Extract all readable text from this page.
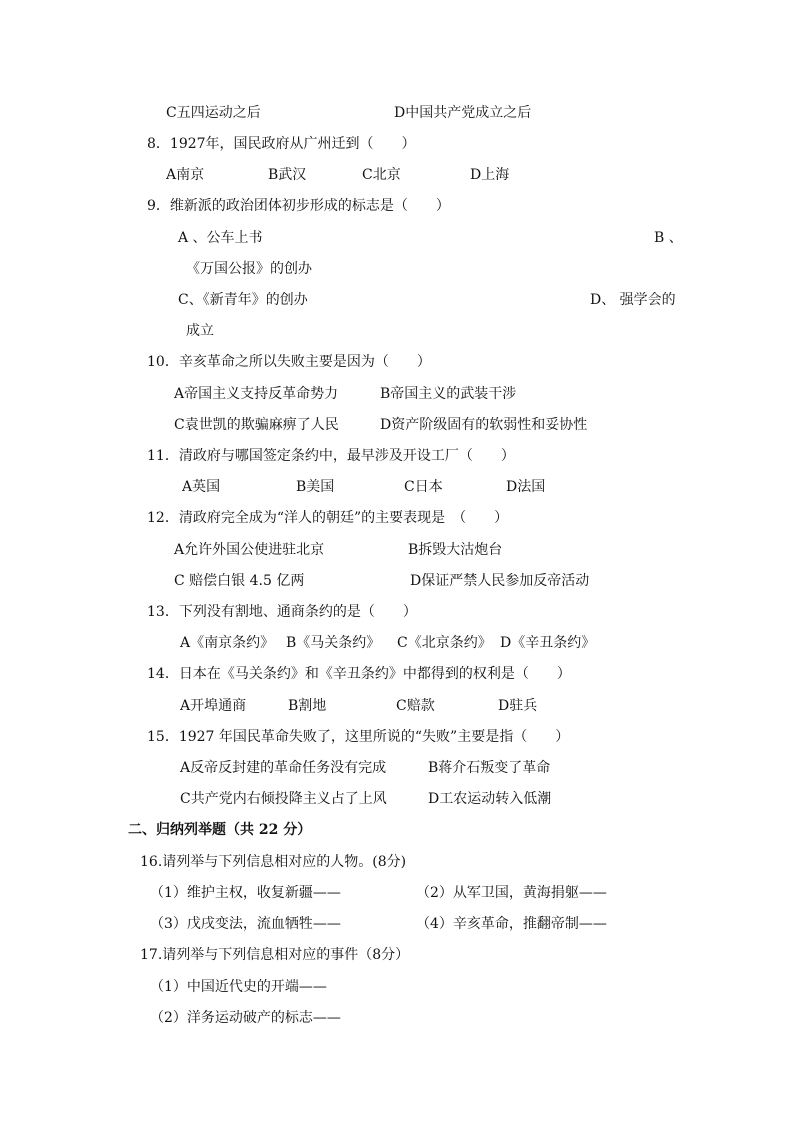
C五四运动之后	D中国共产党成立之后
8．1927年，国民政府从广州迁到（　　）
A南京	B武汉	C北京	D上海
9．维新派的政治团体初步形成的标志是（　　）
A 、公车上书	B 、
《万国公报》的创办
C、《新青年》的创办	D、 强学会的
成立
10．辛亥革命之所以失败主要是因为（　　）
A帝国主义支持反革命势力	B帝国主义的武装干涉
C袁世凯的欺骗麻痹了人民	D资产阶级固有的软弱性和妥协性
11．清政府与哪国签定条约中，最早涉及开设工厂（　　）
A英国	B美国	C日本	D法国
12．清政府完全成为“洋人的朝廷”的主要表现是　（　　）
A允许外国公使进驻北京	B拆毁大沽炮台
C 赔偿白银 4.5 亿两	D保证严禁人民参加反帝活动
13．下列没有割地、通商条约的是（　　）
A《南京条约》 B《马关条约》 C《北京条约》 D《辛丑条约》
14．日本在《马关条约》和《辛丑条约》中都得到的权利是（　　）
A开埠通商	B割地	C赔款	D驻兵
15．1927 年国民革命失败了，这里所说的“失败”主要是指（　　）
A反帝反封建的革命任务没有完成	B蒋介石叛变了革命
C共产党内右倾投降主义占了上风	D工农运动转入低潮
二、归纳列举题（共 22 分）
16.请列举与下列信息相对应的人物。(8分)
（1）维护主权，收复新疆——	（2）从军卫国，黄海捐躯——
（3）戊戌变法，流血牺牲——	（4）辛亥革命，推翻帝制——
17.请列举与下列信息相对应的事件（8分）
（1）中国近代史的开端——
（2）洋务运动破产的标志——
